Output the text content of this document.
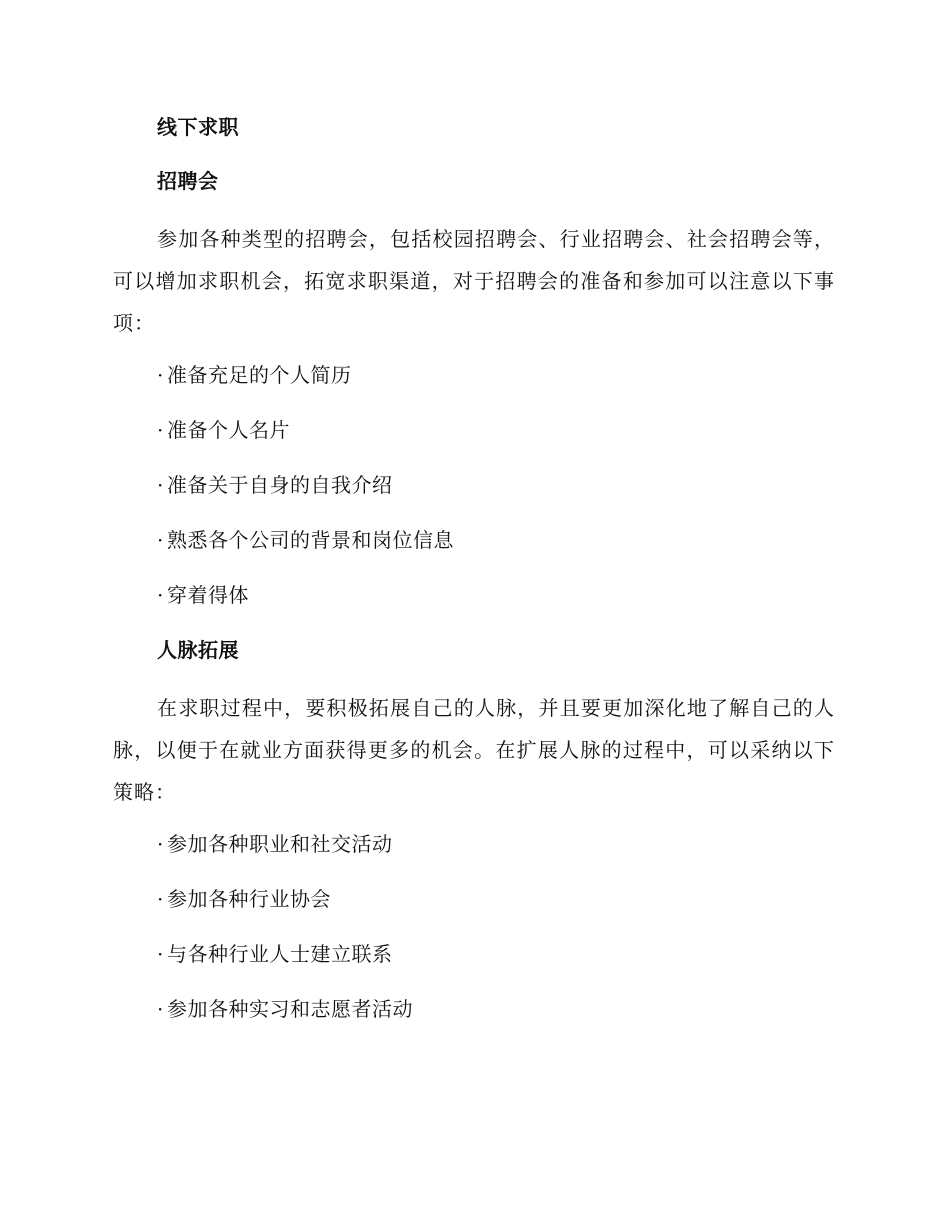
线下求职
招聘会

参加各种类型的招聘会，包括校园招聘会、行业招聘会、社会招聘会等，可以增加求职机会，拓宽求职渠道，对于招聘会的准备和参加可以注意以下事项：

· 准备充足的个人简历
· 准备个人名片
· 准备关于自身的自我介绍
· 熟悉各个公司的背景和岗位信息
· 穿着得体
人脉拓展

在求职过程中，要积极拓展自己的人脉，并且要更加深化地了解自己的人脉，以便于在就业方面获得更多的机会。在扩展人脉的过程中，可以采纳以下策略：

· 参加各种职业和社交活动
· 参加各种行业协会
· 与各种行业人士建立联系
· 参加各种实习和志愿者活动
